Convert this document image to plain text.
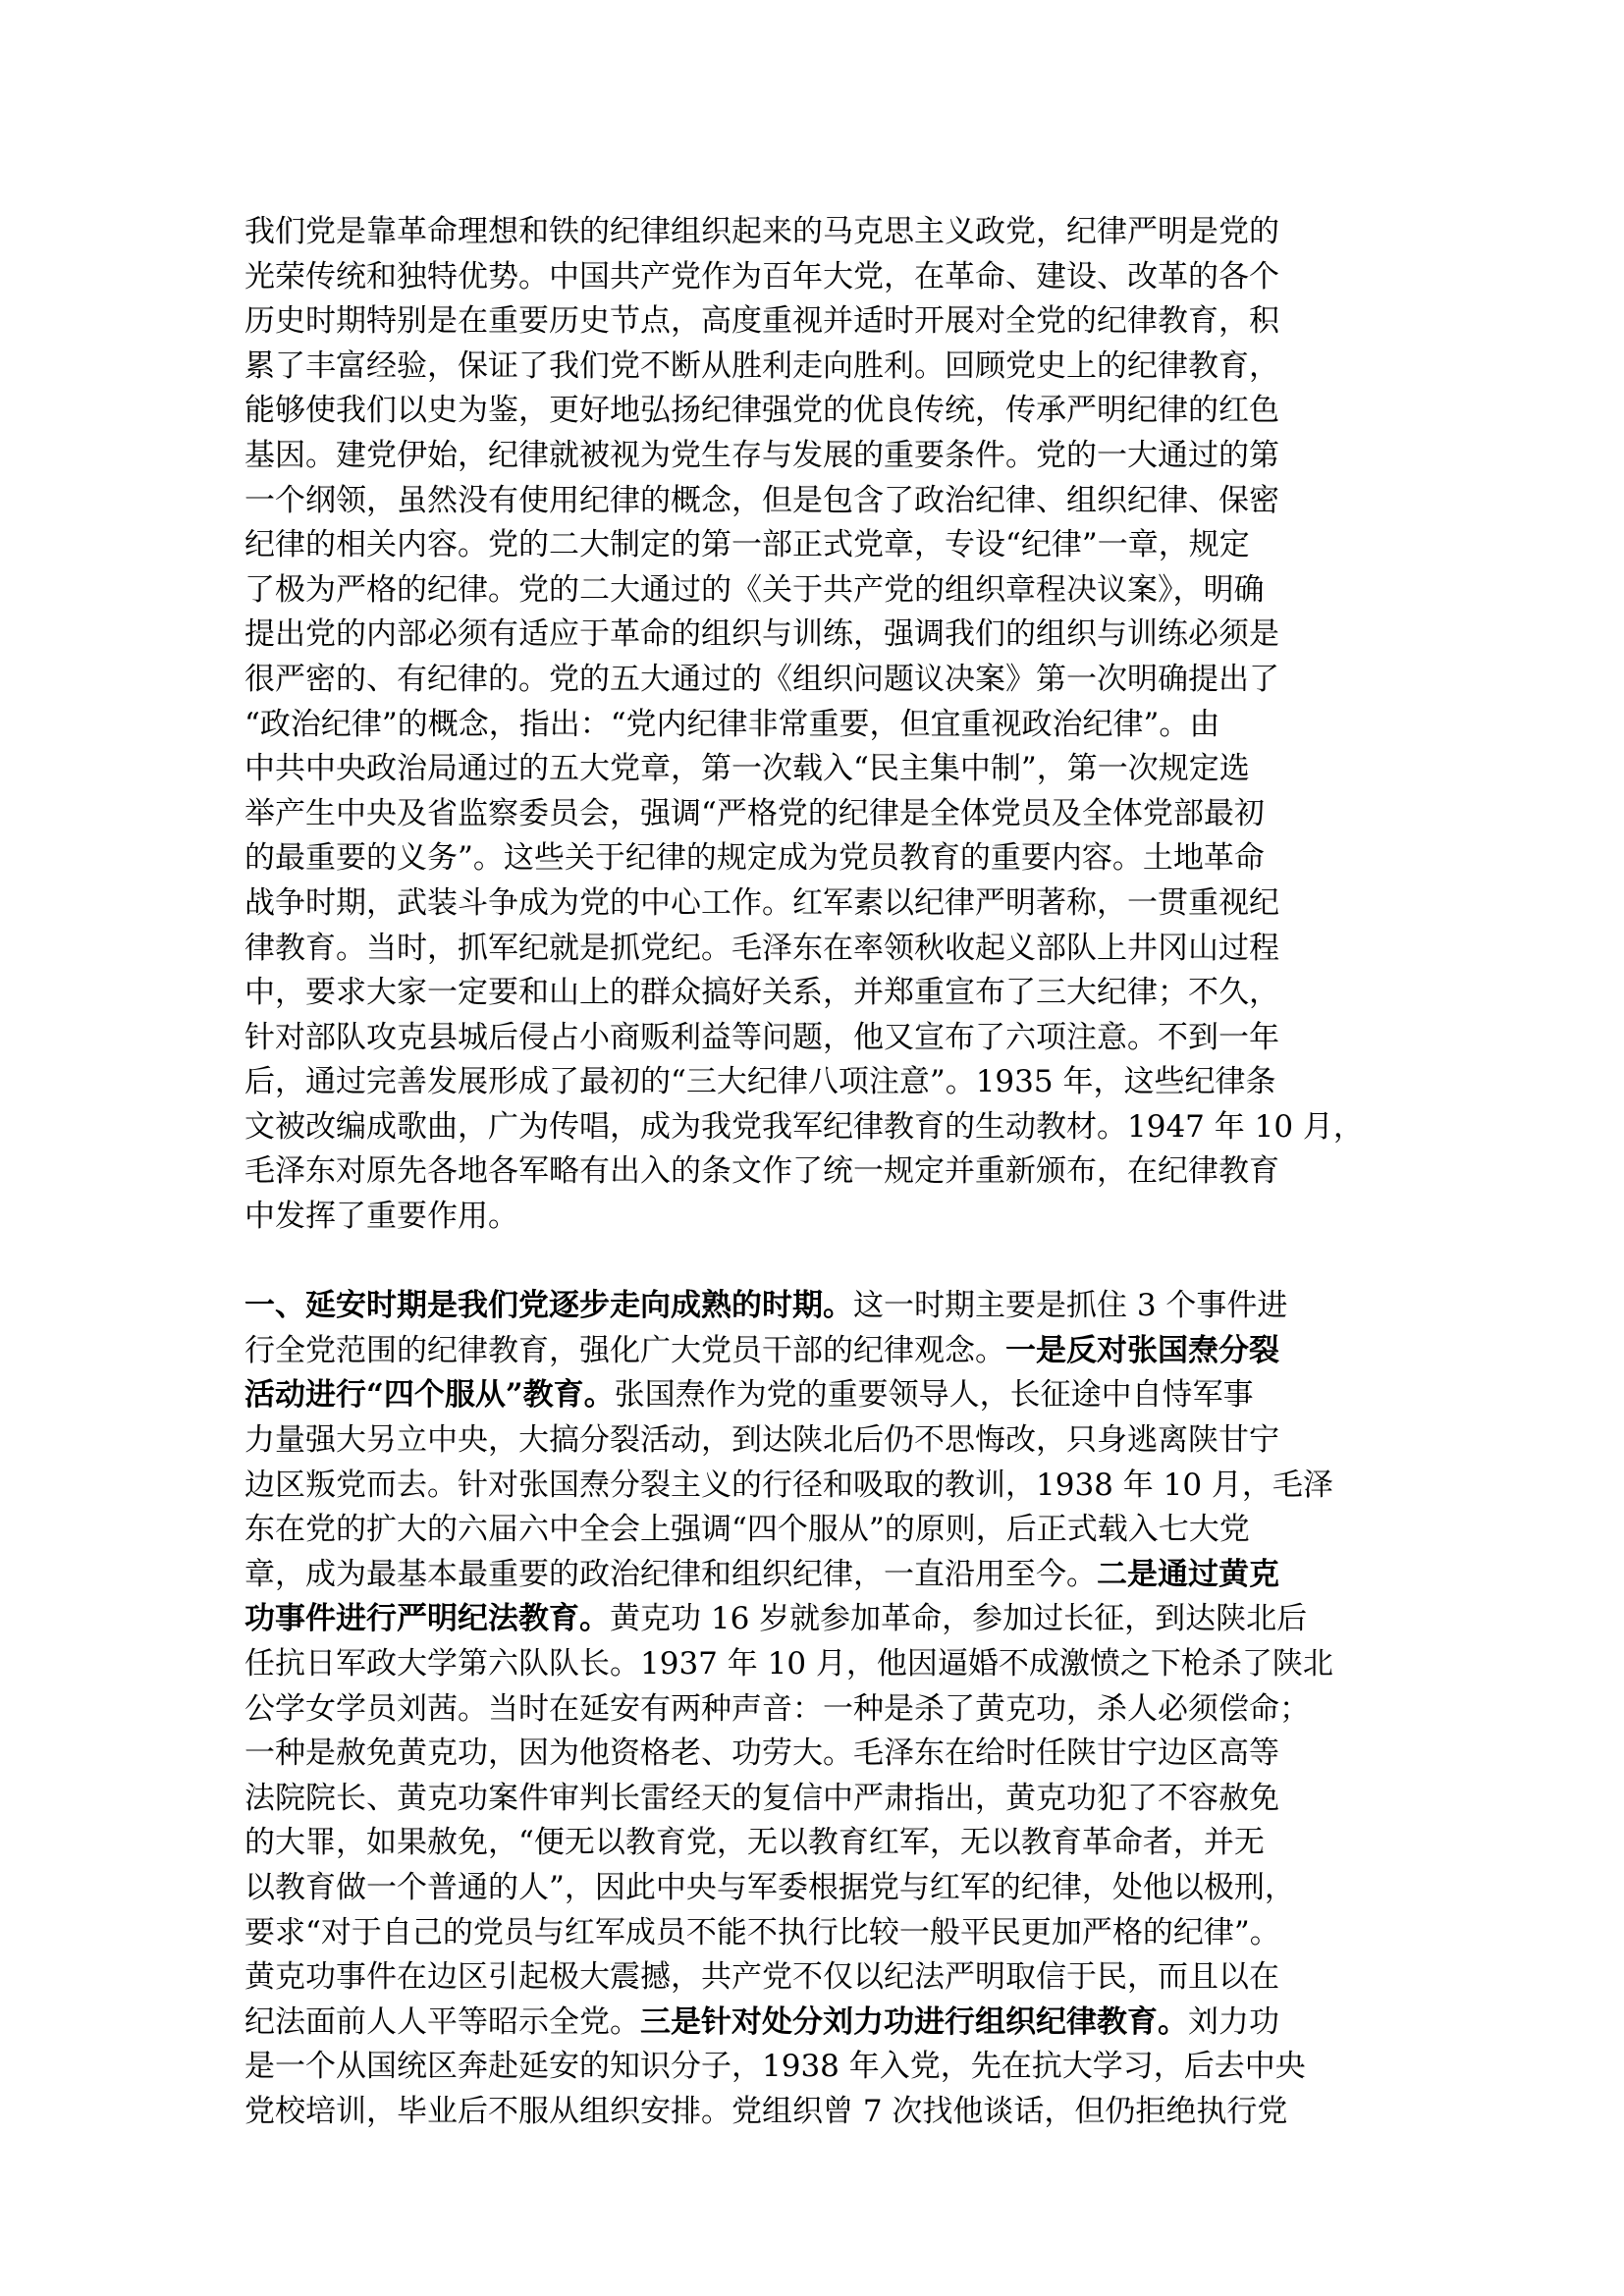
我们党是靠革命理想和铁的纪律组织起来的马克思主义政党，纪律严明是党的
光荣传统和独特优势。中国共产党作为百年大党，在革命、建设、改革的各个
历史时期特别是在重要历史节点，高度重视并适时开展对全党的纪律教育，积
累了丰富经验，保证了我们党不断从胜利走向胜利。回顾党史上的纪律教育，
能够使我们以史为鉴，更好地弘扬纪律强党的优良传统，传承严明纪律的红色
基因。建党伊始，纪律就被视为党生存与发展的重要条件。党的一大通过的第
一个纲领，虽然没有使用纪律的概念，但是包含了政治纪律、组织纪律、保密
纪律的相关内容。党的二大制定的第一部正式党章，专设“纪律”一章，规定
了极为严格的纪律。党的二大通过的《关于共产党的组织章程决议案》，明确
提出党的内部必须有适应于革命的组织与训练，强调我们的组织与训练必须是
很严密的、有纪律的。党的五大通过的《组织问题议决案》第一次明确提出了
“政治纪律”的概念，指出：“党内纪律非常重要，但宜重视政治纪律”。由
中共中央政治局通过的五大党章，第一次载入“民主集中制”，第一次规定选
举产生中央及省监察委员会，强调“严格党的纪律是全体党员及全体党部最初
的最重要的义务”。这些关于纪律的规定成为党员教育的重要内容。土地革命
战争时期，武装斗争成为党的中心工作。红军素以纪律严明著称，一贯重视纪
律教育。当时，抓军纪就是抓党纪。毛泽东在率领秋收起义部队上井冈山过程
中，要求大家一定要和山上的群众搞好关系，并郑重宣布了三大纪律；不久，
针对部队攻克县城后侵占小商贩利益等问题，他又宣布了六项注意。不到一年
后，通过完善发展形成了最初的“三大纪律八项注意”。1935 年，这些纪律条
文被改编成歌曲，广为传唱，成为我党我军纪律教育的生动教材。1947 年 10 月，
毛泽东对原先各地各军略有出入的条文作了统一规定并重新颁布，在纪律教育
中发挥了重要作用。
一、延安时期是我们党逐步走向成熟的时期。这一时期主要是抓住 3 个事件进
行全党范围的纪律教育，强化广大党员干部的纪律观念。一是反对张国焘分裂
活动进行“四个服从”教育。张国焘作为党的重要领导人，长征途中自恃军事
力量强大另立中央，大搞分裂活动，到达陕北后仍不思悔改，只身逃离陕甘宁
边区叛党而去。针对张国焘分裂主义的行径和吸取的教训，1938 年 10 月，毛泽
东在党的扩大的六届六中全会上强调“四个服从”的原则，后正式载入七大党
章，成为最基本最重要的政治纪律和组织纪律，一直沿用至今。二是通过黄克
功事件进行严明纪法教育。黄克功 16 岁就参加革命，参加过长征，到达陕北后
任抗日军政大学第六队队长。1937 年 10 月，他因逼婚不成激愤之下枪杀了陕北
公学女学员刘茜。当时在延安有两种声音：一种是杀了黄克功，杀人必须偿命；
一种是赦免黄克功，因为他资格老、功劳大。毛泽东在给时任陕甘宁边区高等
法院院长、黄克功案件审判长雷经天的复信中严肃指出，黄克功犯了不容赦免
的大罪，如果赦免，“便无以教育党，无以教育红军，无以教育革命者，并无
以教育做一个普通的人”，因此中央与军委根据党与红军的纪律，处他以极刑，
要求“对于自己的党员与红军成员不能不执行比较一般平民更加严格的纪律”。
黄克功事件在边区引起极大震撼，共产党不仅以纪法严明取信于民，而且以在
纪法面前人人平等昭示全党。三是针对处分刘力功进行组织纪律教育。刘力功
是一个从国统区奔赴延安的知识分子，1938 年入党，先在抗大学习，后去中央
党校培训，毕业后不服从组织安排。党组织曾 7 次找他谈话，但仍拒绝执行党
